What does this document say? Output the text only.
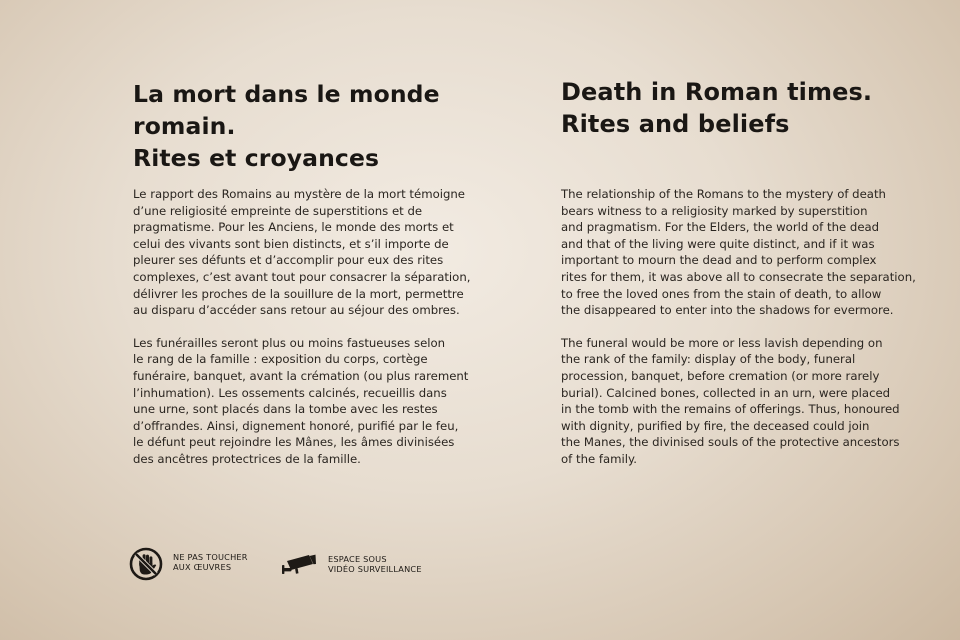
La mort dans le monde
romain.
Rites et croyances
Le rapport des Romains au mystère de la mort témoigne
d’une religiosité empreinte de superstitions et de
pragmatisme. Pour les Anciens, le monde des morts et
celui des vivants sont bien distincts, et s’il importe de
pleurer ses défunts et d’accomplir pour eux des rites
complexes, c’est avant tout pour consacrer la séparation,
délivrer les proches de la souillure de la mort, permettre
au disparu d’accéder sans retour au séjour des ombres.
Les funérailles seront plus ou moins fastueuses selon
le rang de la famille : exposition du corps, cortège
funéraire, banquet, avant la crémation (ou plus rarement
l’inhumation). Les ossements calcinés, recueillis dans
une urne, sont placés dans la tombe avec les restes
d’offrandes. Ainsi, dignement honoré, purifié par le feu,
le défunt peut rejoindre les Mânes, les âmes divinisées
des ancêtres protectrices de la famille.
Death in Roman times.
Rites and beliefs
The relationship of the Romans to the mystery of death
bears witness to a religiosity marked by superstition
and pragmatism. For the Elders, the world of the dead
and that of the living were quite distinct, and if it was
important to mourn the dead and to perform complex
rites for them, it was above all to consecrate the separation,
to free the loved ones from the stain of death, to allow
the disappeared to enter into the shadows for evermore.
The funeral would be more or less lavish depending on
the rank of the family: display of the body, funeral
procession, banquet, before cremation (or more rarely
burial). Calcined bones, collected in an urn, were placed
in the tomb with the remains of offerings. Thus, honoured
with dignity, purified by fire, the deceased could join
the Manes, the divinised souls of the protective ancestors
of the family.
NE PAS TOUCHER
AUX ŒUVRES
ESPACE SOUS
VIDÉO SURVEILLANCE
